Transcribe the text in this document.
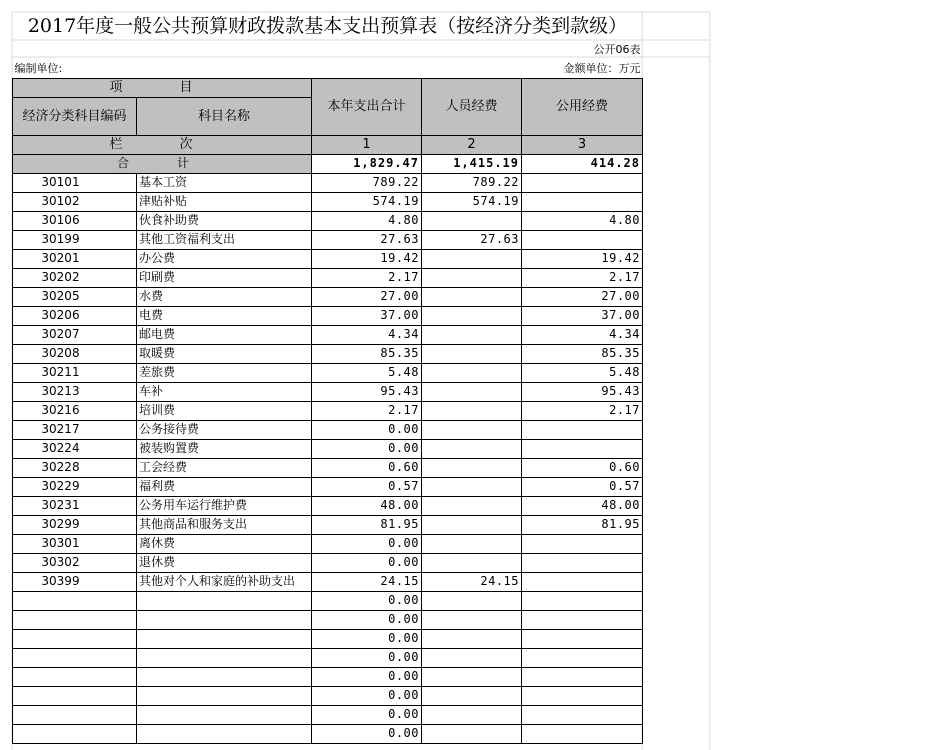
2017年度一般公共预算财政拨款基本支出预算表（按经济分类到款级）				
公开06表				
编制单位:				金额单位：万元
项　目		本年支出合计	人员经费	公用经费
经济分类科目编码	科目名称			
栏　次		1	2	3
合　计		1,829.47	1,415.19	414.28
30101	基本工资	789.22	789.22	
30102	津贴补贴	574.19	574.19	
30106	伙食补助费	4.80		4.80
30199	其他工资福利支出	27.63	27.63	
30201	办公费	19.42		19.42
30202	印刷费	2.17		2.17
30205	水费	27.00		27.00
30206	电费	37.00		37.00
30207	邮电费	4.34		4.34
30208	取暖费	85.35		85.35
30211	差旅费	5.48		5.48
30213	车补	95.43		95.43
30216	培训费	2.17		2.17
30217	公务接待费	0.00		
30224	被装购置费	0.00		
30228	工会经费	0.60		0.60
30229	福利费	0.57		0.57
30231	公务用车运行维护费	48.00		48.00
30299	其他商品和服务支出	81.95		81.95
30301	离休费	0.00		
30302	退休费	0.00		
30399	其他对个人和家庭的补助支出	24.15	24.15	
		0.00		
		0.00		
		0.00		
		0.00		
		0.00		
		0.00		
		0.00		
		0.00		
